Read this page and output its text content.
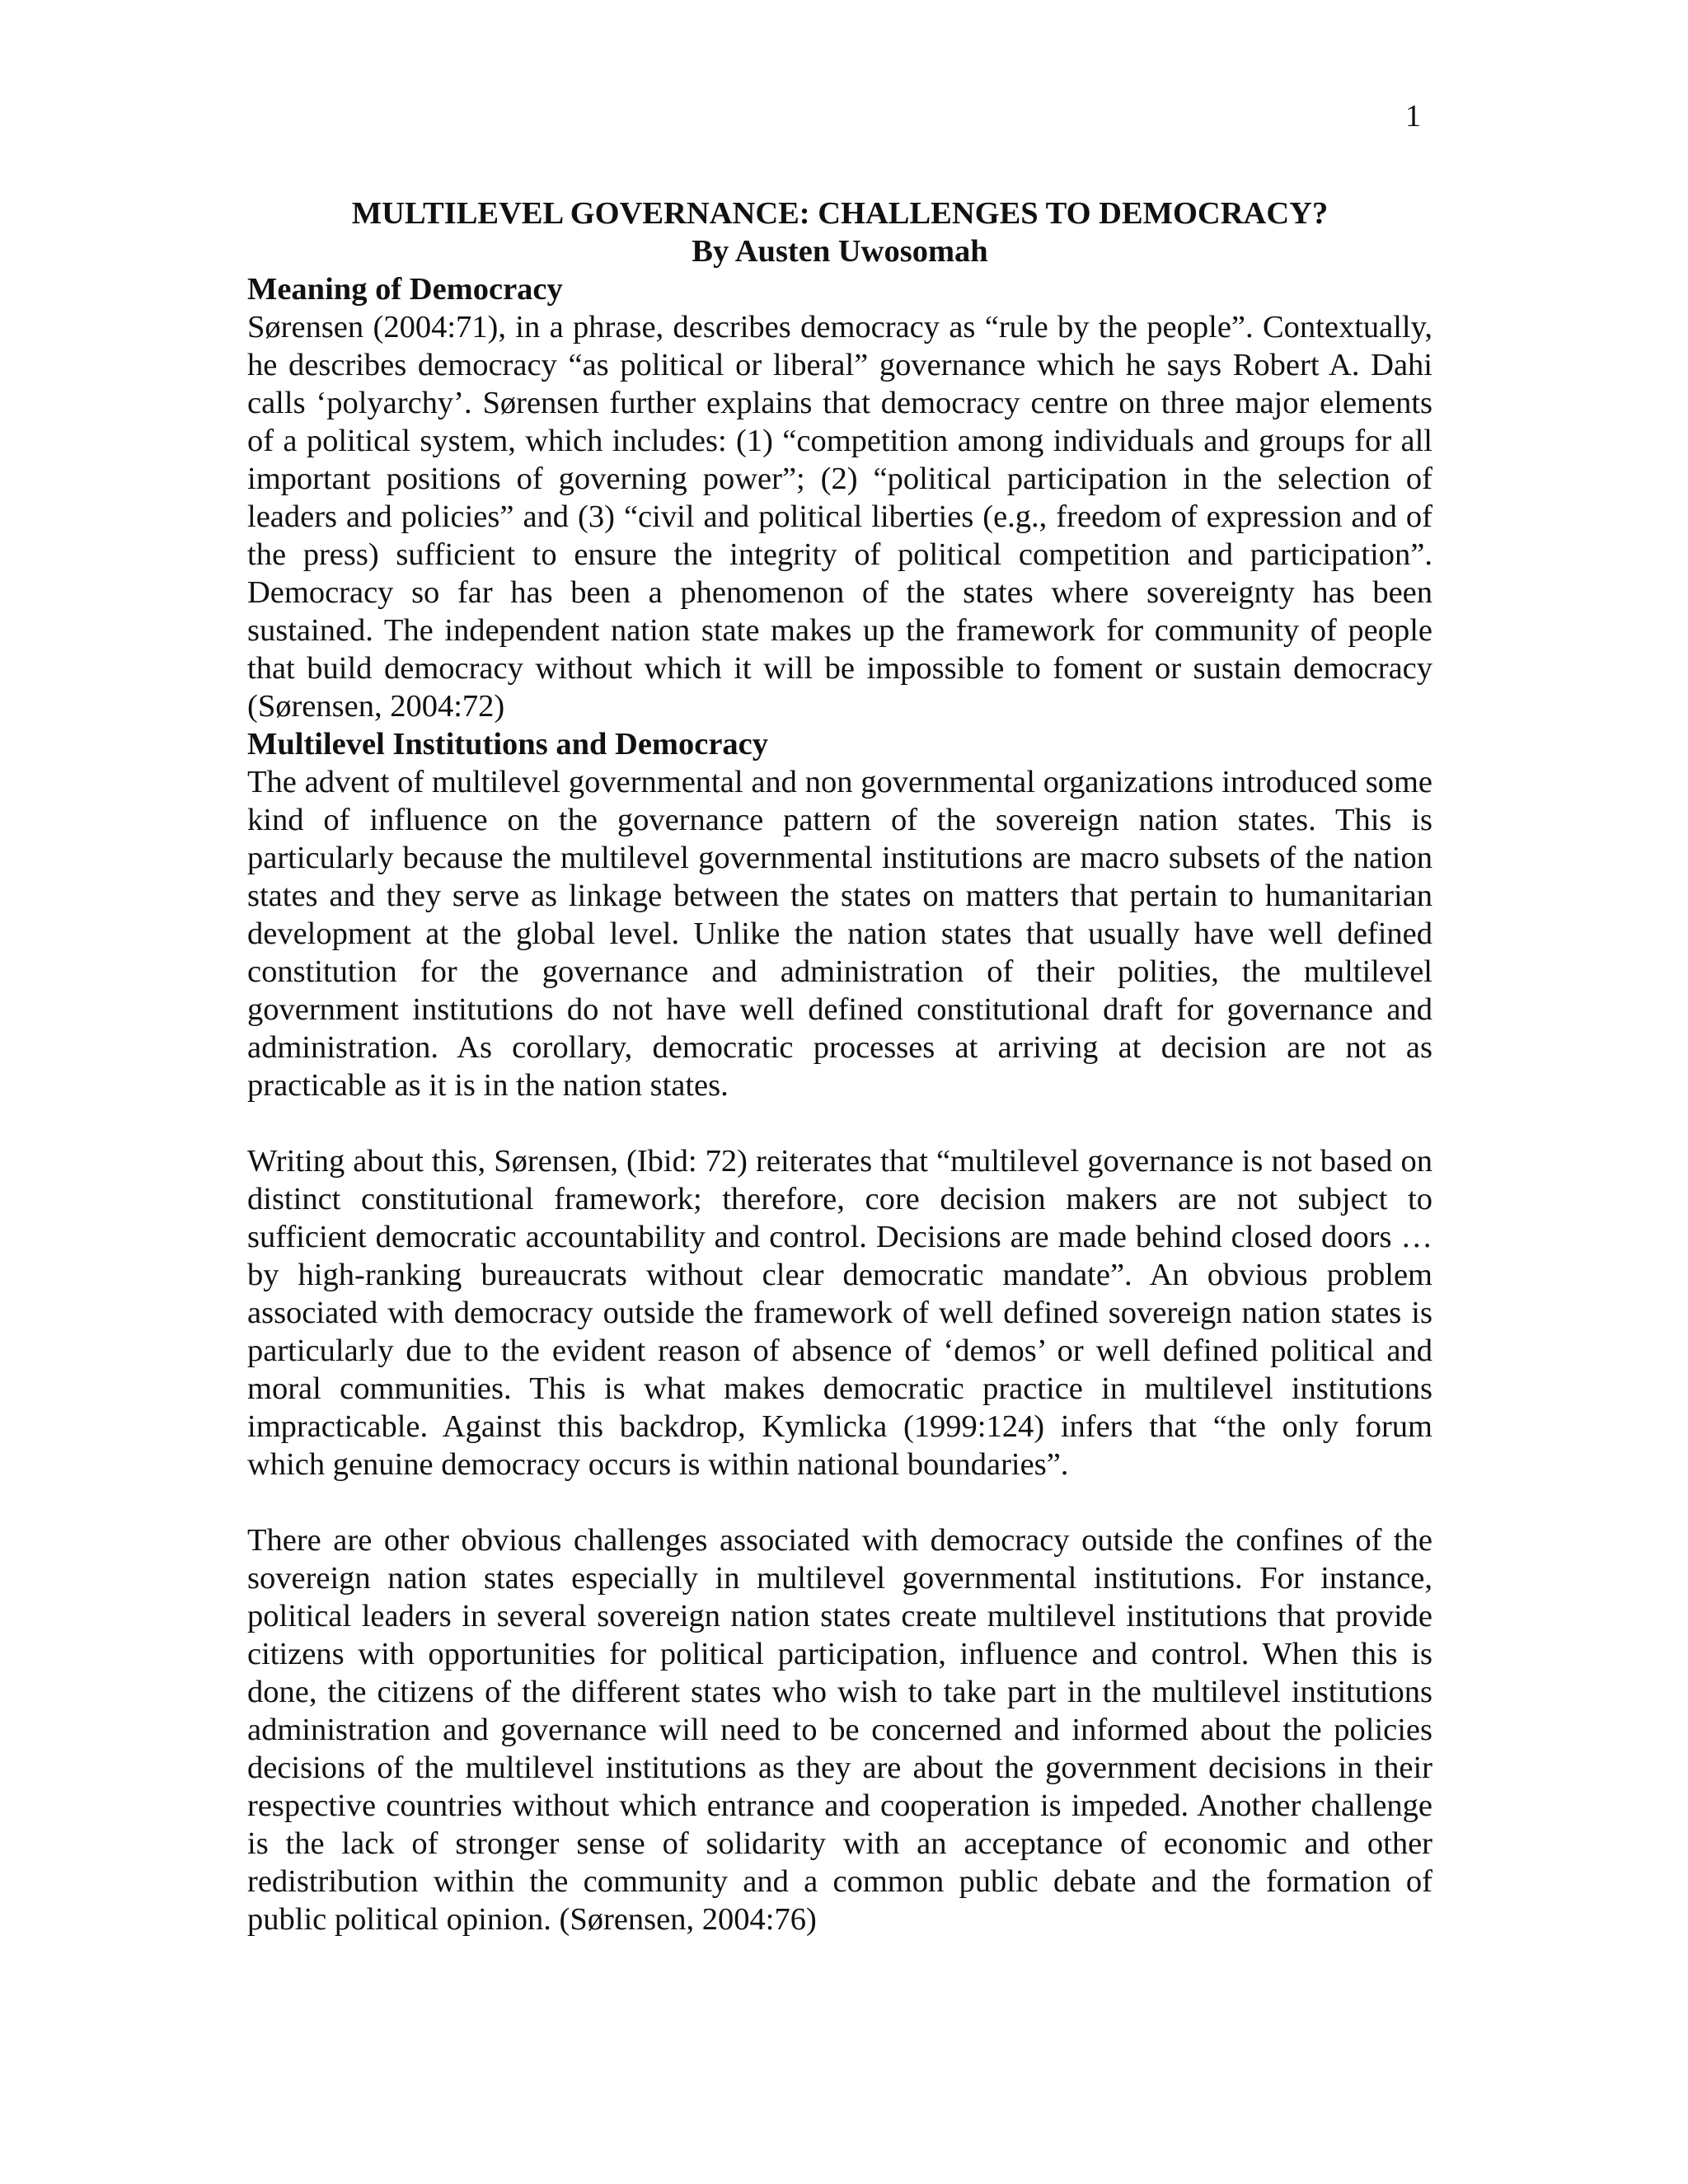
1
MULTILEVEL GOVERNANCE: CHALLENGES TO DEMOCRACY?
By Austen Uwosomah
Meaning of Democracy

Sørensen (2004:71), in a phrase, describes democracy as “rule by the people”. Contextually, he describes democracy “as political or liberal” governance which he says Robert A. Dahi calls ‘polyarchy’. Sørensen further explains that democracy centre on three major elements of a political system, which includes: (1) “competition among individuals and groups for all important positions of governing power”; (2) “political participation in the selection of leaders and policies” and (3) “civil and political liberties (e.g., freedom of expression and of the press) sufficient to ensure the integrity of political competition and participation”. Democracy so far has been a phenomenon of the states where sovereignty has been sustained. The independent nation state makes up the framework for community of people that build democracy without which it will be impossible to foment or sustain democracy (Sørensen, 2004:72)

Multilevel Institutions and Democracy

The advent of multilevel governmental and non governmental organizations introduced some kind of influence on the governance pattern of the sovereign nation states. This is particularly because the multilevel governmental institutions are macro subsets of the nation states and they serve as linkage between the states on matters that pertain to humanitarian development at the global level. Unlike the nation states that usually have well defined constitution for the governance and administration of their polities, the multilevel government institutions do not have well defined constitutional draft for governance and administration. As corollary, democratic processes at arriving at decision are not as practicable as it is in the nation states.

Writing about this, Sørensen, (Ibid: 72) reiterates that “multilevel governance is not based on distinct constitutional framework; therefore, core decision makers are not subject to sufficient democratic accountability and control. Decisions are made behind closed doors … by high-ranking bureaucrats without clear democratic mandate”. An obvious problem associated with democracy outside the framework of well defined sovereign nation states is particularly due to the evident reason of absence of ‘demos’ or well defined political and moral communities. This is what makes democratic practice in multilevel institutions impracticable. Against this backdrop, Kymlicka (1999:124) infers that “the only forum which genuine democracy occurs is within national boundaries”.

There are other obvious challenges associated with democracy outside the confines of the sovereign nation states especially in multilevel governmental institutions. For instance, political leaders in several sovereign nation states create multilevel institutions that provide citizens with opportunities for political participation, influence and control. When this is done, the citizens of the different states who wish to take part in the multilevel institutions administration and governance will need to be concerned and informed about the policies decisions of the multilevel institutions as they are about the government decisions in their respective countries without which entrance and cooperation is impeded. Another challenge is the lack of stronger sense of solidarity with an acceptance of economic and other redistribution within the community and a common public debate and the formation of public political opinion. (Sørensen, 2004:76)
